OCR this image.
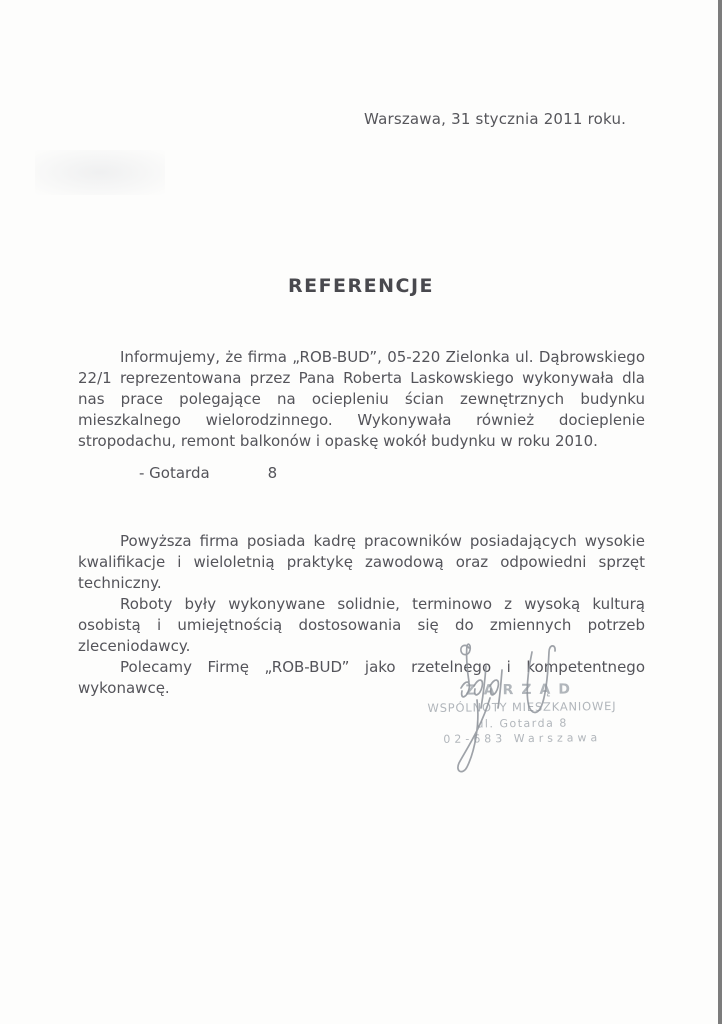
Warszawa, 31 stycznia 2011 roku.
REFERENCJE
Informujemy, że firma „ROB-BUD”, 05-220 Zielonka ul. Dąbrowskiego 22/1 reprezentowana przez Pana Roberta Laskowskiego wykonywała dla nas prace polegające na ociepleniu ścian zewnętrznych budynku mieszkalnego wielorodzinnego. Wykonywała również docieplenie stropodachu, remont balkonów i opaskę wokół budynku w roku 2010.
- Gotarda	8

Powyższa firma posiada kadrę pracowników posiadających wysokie kwalifikacje i wieloletnią praktykę zawodową oraz odpowiedni sprzęt techniczny.

Roboty były wykonywane solidnie, terminowo z wysoką kulturą osobistą i umiejętnością dostosowania się do zmiennych potrzeb zleceniodawcy.

Polecamy Firmę „ROB-BUD” jako rzetelnego i kompetentnego wykonawcę.	ZARZĄD
WSPÓLNOTY MIESZKANIOWEJ
ul. Gotarda 8
02-683 Warszawa
